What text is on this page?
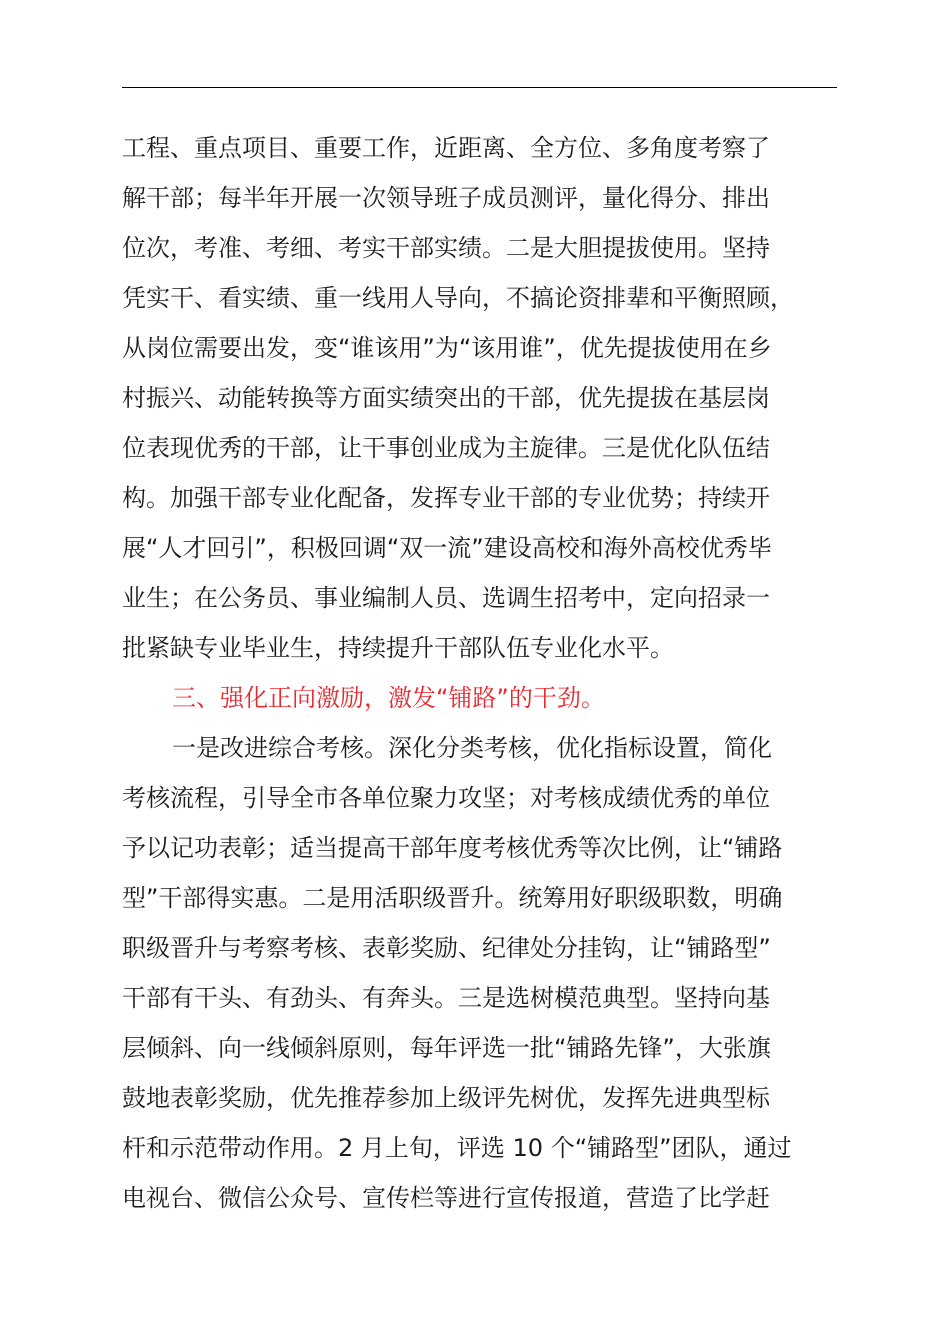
工程、重点项目、重要工作，近距离、全方位、多角度考察了
解干部；每半年开展一次领导班子成员测评，量化得分、排出
位次，考准、考细、考实干部实绩。二是大胆提拔使用。坚持
凭实干、看实绩、重一线用人导向，不搞论资排辈和平衡照顾，
从岗位需要出发，变“谁该用”为“该用谁”，优先提拔使用在乡
村振兴、动能转换等方面实绩突出的干部，优先提拔在基层岗
位表现优秀的干部，让干事创业成为主旋律。三是优化队伍结
构。加强干部专业化配备，发挥专业干部的专业优势；持续开
展“人才回引”，积极回调“双一流”建设高校和海外高校优秀毕
业生；在公务员、事业编制人员、选调生招考中，定向招录一
批紧缺专业毕业生，持续提升干部队伍专业化水平。
三、强化正向激励，激发“铺路”的干劲。
一是改进综合考核。深化分类考核，优化指标设置，简化
考核流程，引导全市各单位聚力攻坚；对考核成绩优秀的单位
予以记功表彰；适当提高干部年度考核优秀等次比例，让“铺路
型”干部得实惠。二是用活职级晋升。统筹用好职级职数，明确
职级晋升与考察考核、表彰奖励、纪律处分挂钩，让“铺路型”
干部有干头、有劲头、有奔头。三是选树模范典型。坚持向基
层倾斜、向一线倾斜原则，每年评选一批“铺路先锋”，大张旗
鼓地表彰奖励，优先推荐参加上级评先树优，发挥先进典型标
杆和示范带动作用。2 月上旬，评选 10 个“铺路型”团队，通过
电视台、微信公众号、宣传栏等进行宣传报道，营造了比学赶
